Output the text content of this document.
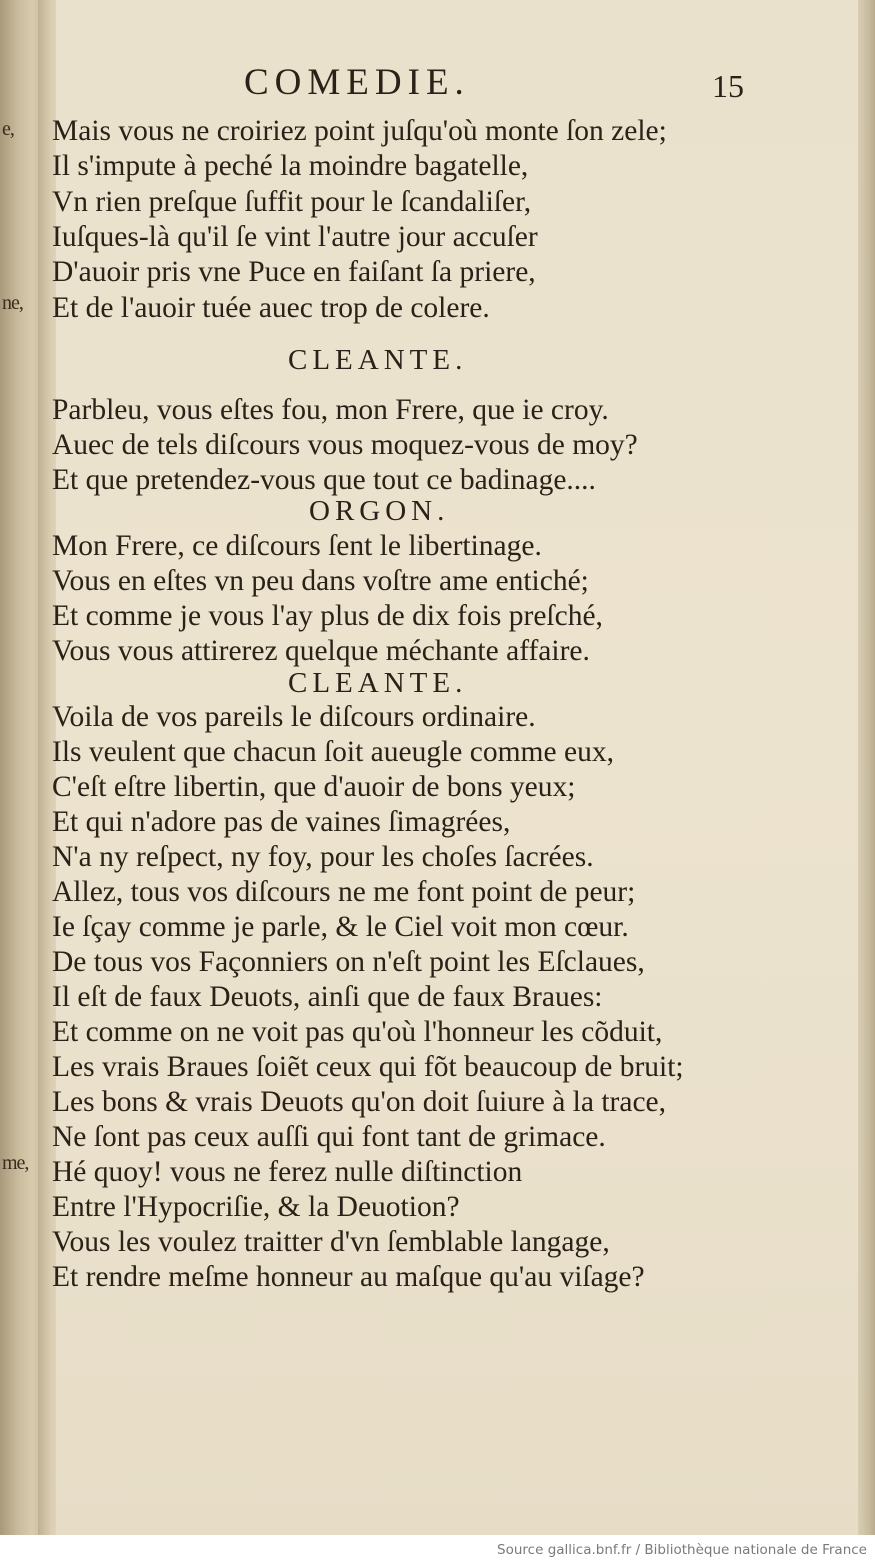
e,
ne,
me,
COMEDIE.	15
Mais vous ne croiriez point juſqu'où monte ſon zele;
Il s'impute à peché la moindre bagatelle,
Vn rien preſque ſuffit pour le ſcandaliſer,
Iuſques-là qu'il ſe vint l'autre jour accuſer
D'auoir pris vne Puce en faiſant ſa priere,
Et de l'auoir tuée auec trop de colere.
CLEANTE.
Parbleu, vous eſtes fou, mon Frere, que ie croy.
Auec de tels diſcours vous moquez-vous de moy?
Et que pretendez-vous que tout ce badinage....
ORGON.
Mon Frere, ce diſcours ſent le libertinage.
Vous en eſtes vn peu dans voſtre ame entiché;
Et comme je vous l'ay plus de dix fois preſché,
Vous vous attirerez quelque méchante affaire.
CLEANTE.
Voila de vos pareils le diſcours ordinaire.
Ils veulent que chacun ſoit aueugle comme eux,
C'eſt eſtre libertin, que d'auoir de bons yeux;
Et qui n'adore pas de vaines ſimagrées,
N'a ny reſpect, ny foy, pour les choſes ſacrées.
Allez, tous vos diſcours ne me font point de peur;
Ie ſçay comme je parle, & le Ciel voit mon cœur.
De tous vos Façonniers on n'eſt point les Eſclaues,
Il eſt de faux Deuots, ainſi que de faux Braues:
Et comme on ne voit pas qu'où l'honneur les cõduit,
Les vrais Braues ſoiẽt ceux qui fõt beaucoup de bruit;
Les bons & vrais Deuots qu'on doit ſuiure à la trace,
Ne ſont pas ceux auſſi qui font tant de grimace.
Hé quoy! vous ne ferez nulle diſtinction
Entre l'Hypocriſie, & la Deuotion?
Vous les voulez traitter d'vn ſemblable langage,
Et rendre meſme honneur au maſque qu'au viſage?
Source gallica.bnf.fr / Bibliothèque nationale de France
